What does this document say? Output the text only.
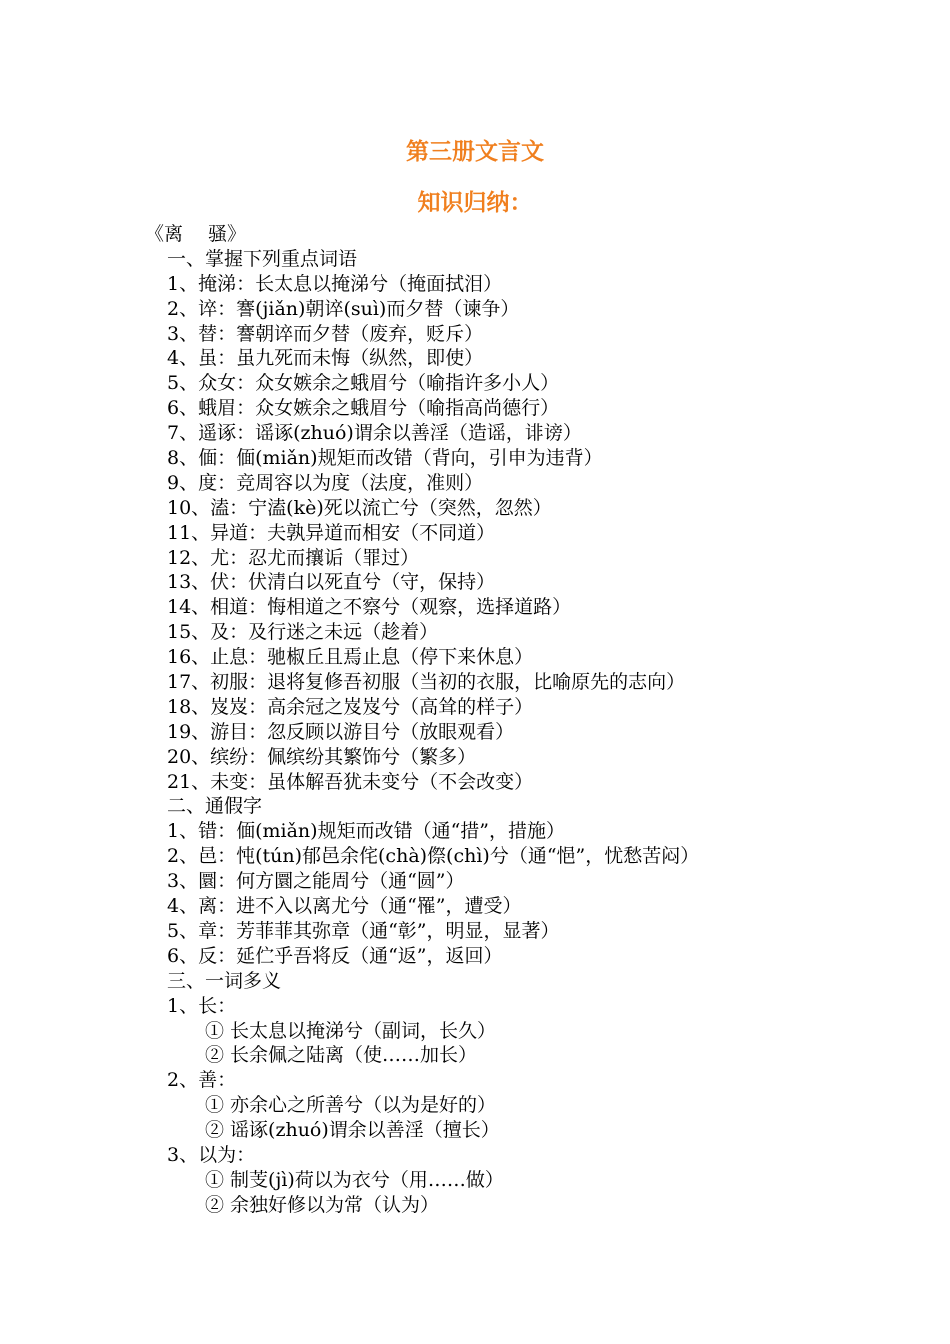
第三册文言文
知识归纳：
《离　 骚》
一、掌握下列重点词语
1、掩涕：长太息以掩涕兮（掩面拭泪）
2、谇：謇(jiǎn)朝谇(suì)而夕替（谏争）
3、替：謇朝谇而夕替（废弃，贬斥）
4、虽：虽九死而未悔（纵然，即使）
5、众女：众女嫉余之蛾眉兮（喻指许多小人）
6、蛾眉：众女嫉余之蛾眉兮（喻指高尚德行）
7、遥诼：谣诼(zhuó)谓余以善淫（造谣，诽谤）
8、偭：偭(miǎn)规矩而改错（背向，引申为违背）
9、度：竞周容以为度（法度，准则）
10、溘：宁溘(kè)死以流亡兮（突然，忽然）
11、异道：夫孰异道而相安（不同道）
12、尤：忍尤而攘诟（罪过）
13、伏：伏清白以死直兮（守，保持）
14、相道：悔相道之不察兮（观察，选择道路）
15、及：及行迷之未远（趁着）
16、止息：驰椒丘且焉止息（停下来休息）
17、初服：退将复修吾初服（当初的衣服，比喻原先的志向）
18、岌岌：高余冠之岌岌兮（高耸的样子）
19、游目：忽反顾以游目兮（放眼观看）
20、缤纷：佩缤纷其繁饰兮（繁多）
21、未变：虽体解吾犹未变兮（不会改变）
二、通假字
1、错：偭(miǎn)规矩而改错（通“措”，措施）
2、邑：忳(tún)郁邑余侘(chà)傺(chì)兮（通“悒”，忧愁苦闷）
3、圜：何方圜之能周兮（通“圆”）
4、离：进不入以离尤兮（通“罹”，遭受）
5、章：芳菲菲其弥章（通“彰”，明显，显著）
6、反：延伫乎吾将反（通“返”，返回）
三、一词多义
1、长：
① 长太息以掩涕兮（副词，长久）
② 长余佩之陆离（使……加长）
2、善：
① 亦余心之所善兮（以为是好的）
② 谣诼(zhuó)谓余以善淫（擅长）
3、以为：
① 制芰(jì)荷以为衣兮（用……做）
② 余独好修以为常（认为）
